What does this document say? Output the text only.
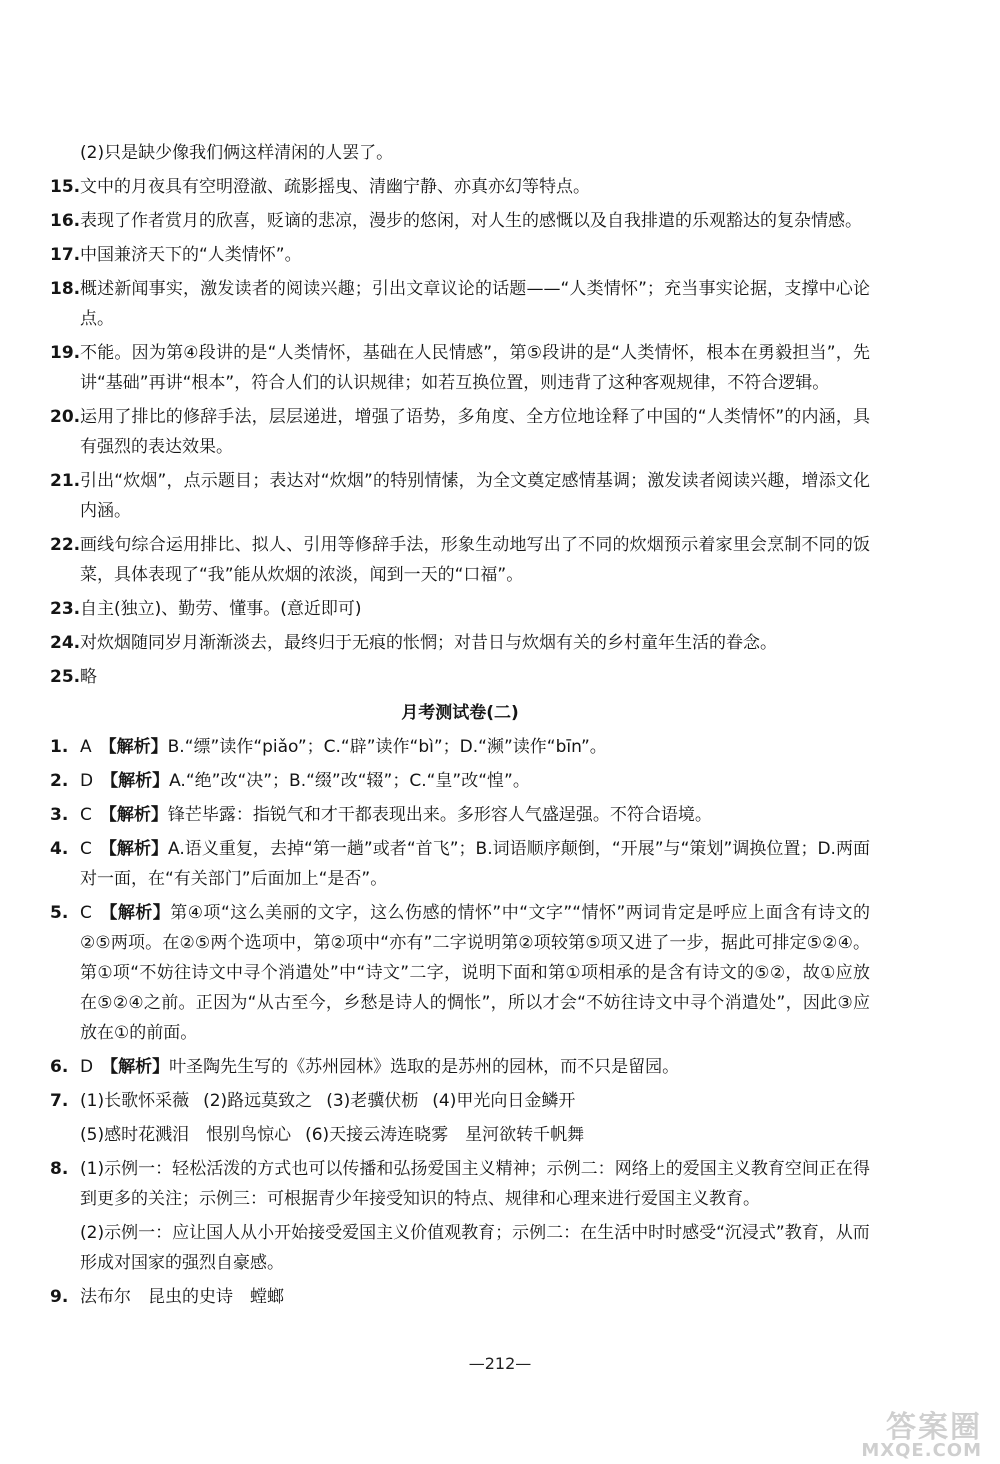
(2)只是缺少像我们俩这样清闲的人罢了。
15. 文中的月夜具有空明澄澈、疏影摇曳、清幽宁静、亦真亦幻等特点。
16. 表现了作者赏月的欣喜，贬谪的悲凉，漫步的悠闲，对人生的感慨以及自我排遣的乐观豁达的复杂情感。
17. 中国兼济天下的“人类情怀”。
18. 概述新闻事实，激发读者的阅读兴趣；引出文章议论的话题——“人类情怀”；充当事实论据，支撑中心论点。
19. 不能。因为第④段讲的是“人类情怀，基础在人民情感”，第⑤段讲的是“人类情怀，根本在勇毅担当”，先讲“基础”再讲“根本”，符合人们的认识规律；如若互换位置，则违背了这种客观规律，不符合逻辑。
20. 运用了排比的修辞手法，层层递进，增强了语势，多角度、全方位地诠释了中国的“人类情怀”的内涵，具有强烈的表达效果。
21. 引出“炊烟”，点示题目；表达对“炊烟”的特别情愫，为全文奠定感情基调；激发读者阅读兴趣，增添文化内涵。
22. 画线句综合运用排比、拟人、引用等修辞手法，形象生动地写出了不同的炊烟预示着家里会烹制不同的饭菜，具体表现了“我”能从炊烟的浓淡，闻到一天的“口福”。
23. 自主(独立)、勤劳、懂事。(意近即可)
24. 对炊烟随同岁月渐渐淡去，最终归于无痕的怅惘；对昔日与炊烟有关的乡村童年生活的眷念。
25. 略
月考测试卷(二)
1. A 【解析】B.“缥”读作“piǎo”；C.“辟”读作“bì”；D.“濒”读作“bīn”。
2. D 【解析】A.“绝”改“决”；B.“缀”改“辍”；C.“皇”改“惶”。
3. C 【解析】锋芒毕露：指锐气和才干都表现出来。多形容人气盛逞强。不符合语境。
4. C 【解析】A.语义重复，去掉“第一趟”或者“首飞”；B.词语顺序颠倒，“开展”与“策划”调换位置；D.两面对一面，在“有关部门”后面加上“是否”。
5. C 【解析】第④项“这么美丽的文字，这么伤感的情怀”中“文字”“情怀”两词肯定是呼应上面含有诗文的②⑤两项。在②⑤两个选项中，第②项中“亦有”二字说明第②项较第⑤项又进了一步，据此可排定⑤②④。第①项“不妨往诗文中寻个消遣处”中“诗文”二字，说明下面和第①项相承的是含有诗文的⑤②，故①应放在⑤②④之前。正因为“从古至今，乡愁是诗人的惆怅”，所以才会“不妨往诗文中寻个消遣处”，因此③应放在①的前面。
6. D 【解析】叶圣陶先生写的《苏州园林》选取的是苏州的园林，而不只是留园。
7. (1)长歌怀采薇 (2)路远莫致之 (3)老骥伏枥 (4)甲光向日金鳞开
(5)感时花溅泪　恨别鸟惊心 (6)天接云涛连晓雾　星河欲转千帆舞
8. (1)示例一：轻松活泼的方式也可以传播和弘扬爱国主义精神；示例二：网络上的爱国主义教育空间正在得到更多的关注；示例三：可根据青少年接受知识的特点、规律和心理来进行爱国主义教育。
(2)示例一：应让国人从小开始接受爱国主义价值观教育；示例二：在生活中时时感受“沉浸式”教育，从而形成对国家的强烈自豪感。
9. 法布尔　昆虫的史诗　螳螂
—212—
答案圈
MXQE.COM
